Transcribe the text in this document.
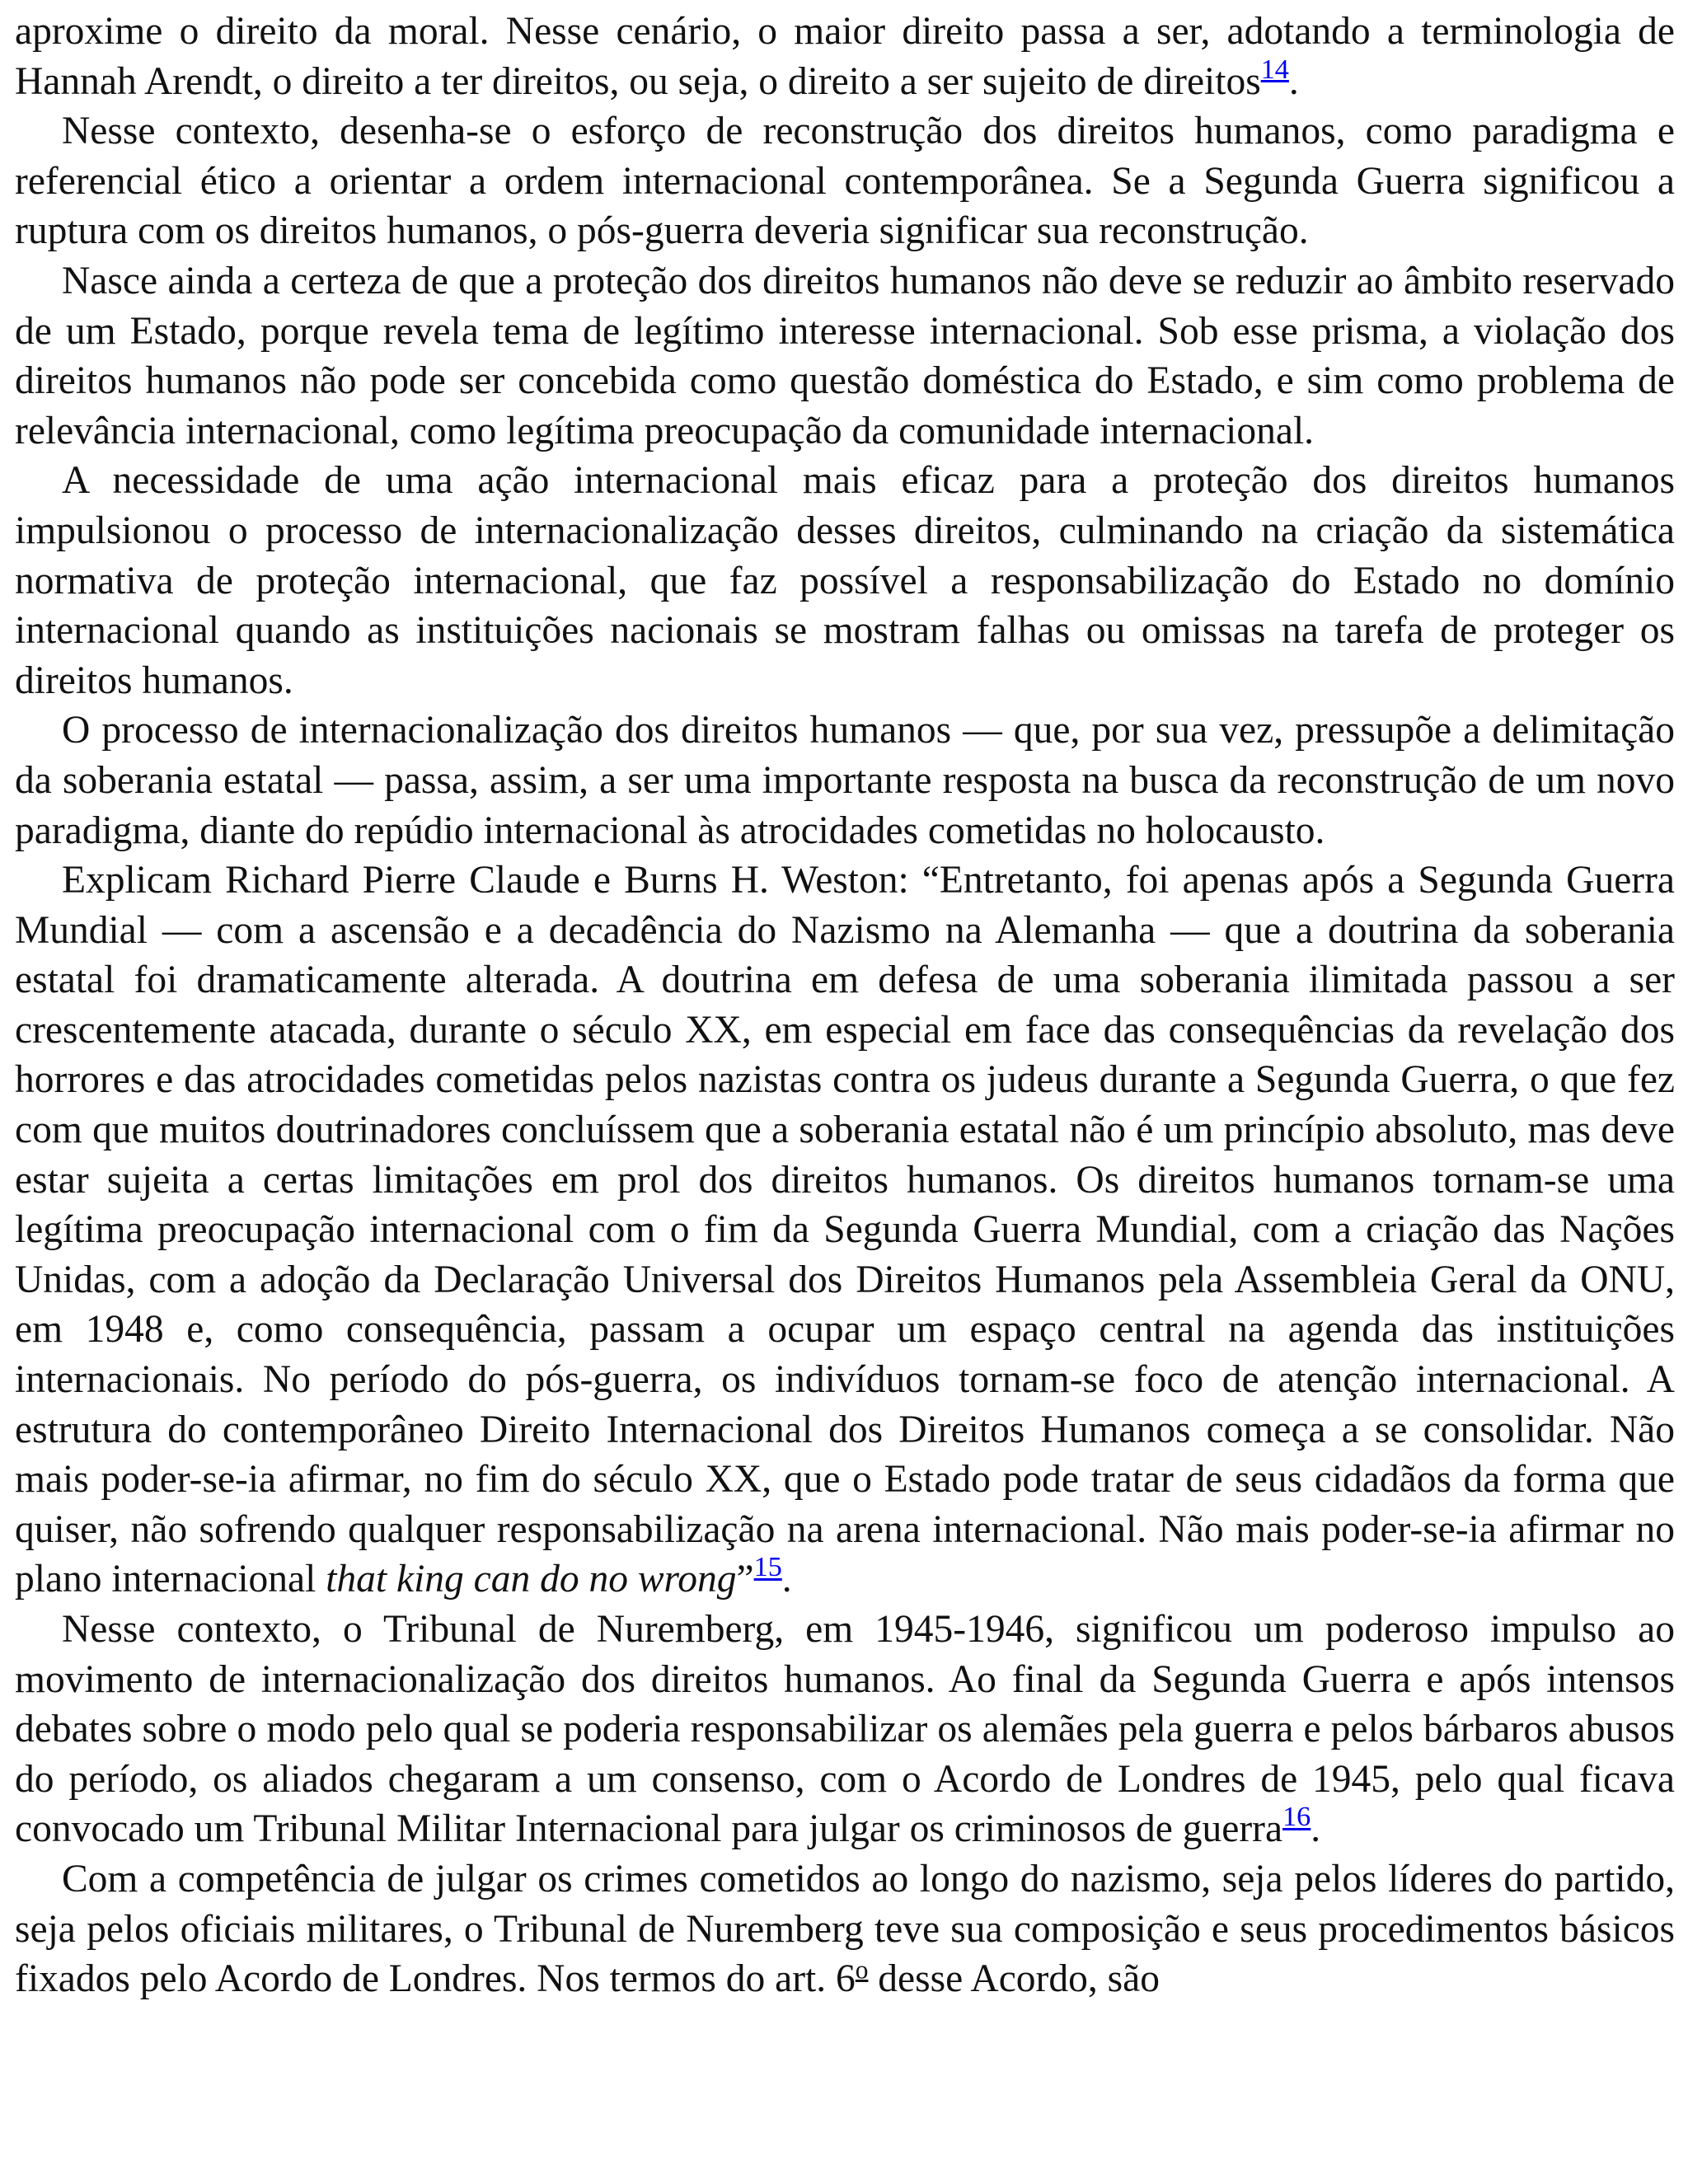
aproxime o direito da moral. Nesse cenário, o maior direito passa a ser, adotando a terminologia de Hannah Arendt, o direito a ter direitos, ou seja, o direito a ser sujeito de direitos$^{14}$.

Nesse contexto, desenha-se o esforço de reconstrução dos direitos humanos, como paradigma e referencial ético a orientar a ordem internacional contemporânea. Se a Segunda Guerra significou a ruptura com os direitos humanos, o pós-guerra deveria significar sua reconstrução.

Nasce ainda a certeza de que a proteção dos direitos humanos não deve se reduzir ao âmbito reservado de um Estado, porque revela tema de legítimo interesse internacional. Sob esse prisma, a violação dos direitos humanos não pode ser concebida como questão doméstica do Estado, e sim como problema de relevância internacional, como legítima preocupação da comunidade internacional.

A necessidade de uma ação internacional mais eficaz para a proteção dos direitos humanos impulsionou o processo de internacionalização desses direitos, culminando na criação da sistemática normativa de proteção internacional, que faz possível a responsabilização do Estado no domínio internacional quando as instituições nacionais se mostram falhas ou omissas na tarefa de proteger os direitos humanos.

O processo de internacionalização dos direitos humanos — que, por sua vez, pressupõe a delimitação da soberania estatal — passa, assim, a ser uma importante resposta na busca da reconstrução de um novo paradigma, diante do repúdio internacional às atrocidades cometidas no holocausto.

Explicam Richard Pierre Claude e Burns H. Weston: “Entretanto, foi apenas após a Segunda Guerra Mundial — com a ascensão e a decadência do Nazismo na Alemanha — que a doutrina da soberania estatal foi dramaticamente alterada. A doutrina em defesa de uma soberania ilimitada passou a ser crescentemente atacada, durante o século XX, em especial em face das consequências da revelação dos horrores e das atrocidades cometidas pelos nazistas contra os judeus durante a Segunda Guerra, o que fez com que muitos doutrinadores concluíssem que a soberania estatal não é um princípio absoluto, mas deve estar sujeita a certas limitações em prol dos direitos humanos. Os direitos humanos tornam-se uma legítima preocupação internacional com o fim da Segunda Guerra Mundial, com a criação das Nações Unidas, com a adoção da Declaração Universal dos Direitos Humanos pela Assembleia Geral da ONU, em 1948 e, como consequência, passam a ocupar um espaço central na agenda das instituições internacionais. No período do pós-guerra, os indivíduos tornam-se foco de atenção internacional. A estrutura do contemporâneo Direito Internacional dos Direitos Humanos começa a se consolidar. Não mais poder-se-ia afirmar, no fim do século XX, que o Estado pode tratar de seus cidadãos da forma que quiser, não sofrendo qualquer responsabilização na arena internacional. Não mais poder-se-ia afirmar no plano internacional that king can do no wrong”$^{15}$.

Nesse contexto, o Tribunal de Nuremberg, em 1945-1946, significou um poderoso impulso ao movimento de internacionalização dos direitos humanos. Ao final da Segunda Guerra e após intensos debates sobre o modo pelo qual se poderia responsabilizar os alemães pela guerra e pelos bárbaros abusos do período, os aliados chegaram a um consenso, com o Acordo de Londres de 1945, pelo qual ficava convocado um Tribunal Militar Internacional para julgar os criminosos de guerra$^{16}$.

Com a competência de julgar os crimes cometidos ao longo do nazismo, seja pelos líderes do partido, seja pelos oficiais militares, o Tribunal de Nuremberg teve sua composição e seus procedimentos básicos fixados pelo Acordo de Londres. Nos termos do art. 6$^o$ desse Acordo, são
